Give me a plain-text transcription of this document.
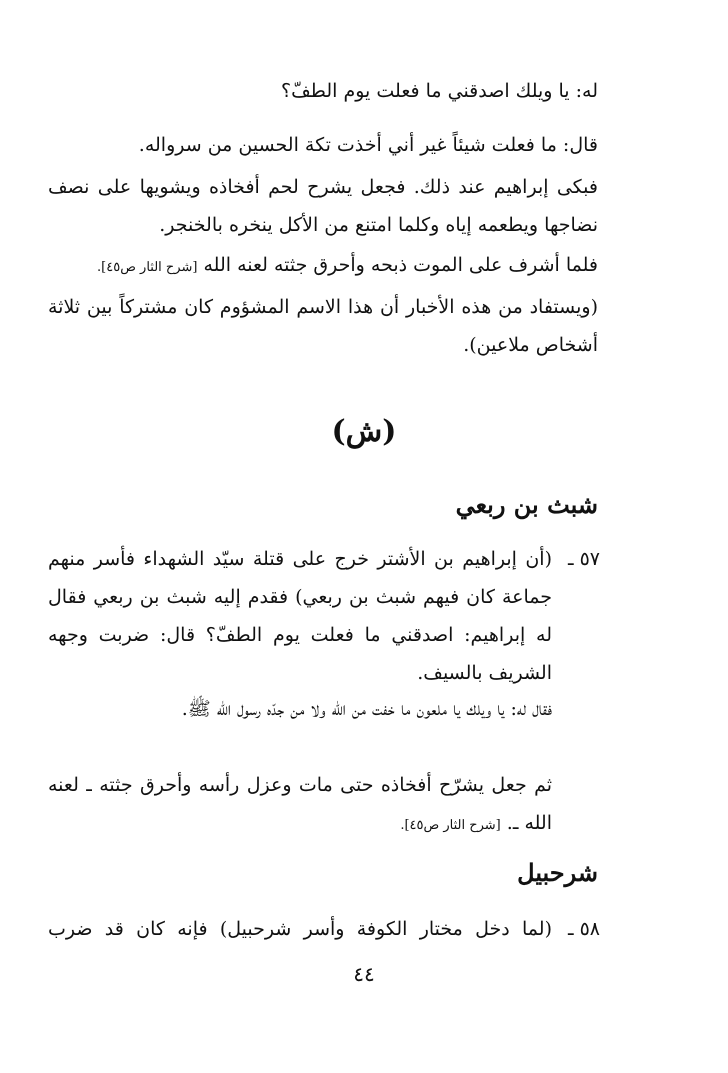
له: يا ويلك اصدقني ما فعلت يوم الطفّ؟

قال: ما فعلت شيئاً غير أني أخذت تكة الحسين من سرواله.

فبكى إبراهيم عند ذلك. فجعل يشرح لحم أفخاذه ويشويها على نصف نضاجها ويطعمه إياه وكلما امتنع من الأكل ينخره بالخنجر.

فلما أشرف على الموت ذبحه وأحرق جثته لعنه الله [شرح الثار ص٤٥].

(ويستفاد من هذه الأخبار أن هذا الاسم المشؤوم كان مشتركاً بين ثلاثة أشخاص ملاعين).

(ش)
شبث بن ربعي
٥٧ ـ
(أن إبراهيم بن الأشتر خرج على قتلة سيّد الشهداء فأسر منهم جماعة كان فيهم شبث بن ربعي) فقدم إليه شبث بن ربعي فقال له إبراهيم: اصدقني ما فعلت يوم الطفّ؟ قال: ضربت وجهه الشريف بالسيف.

فقال له: يا ويلك يا ملعون ما خفت من الله ولا من جدّه رسول الله ﷺ.

ثم جعل يشرّح أفخاذه حتى مات وعزل رأسه وأحرق جثته ـ لعنه الله ـ. [شرح الثار ص٤٥].

شرحبيل
٥٨ ـ
(لما دخل مختار الكوفة وأسر شرحبيل) فإنه كان قد ضرب
٤٤
